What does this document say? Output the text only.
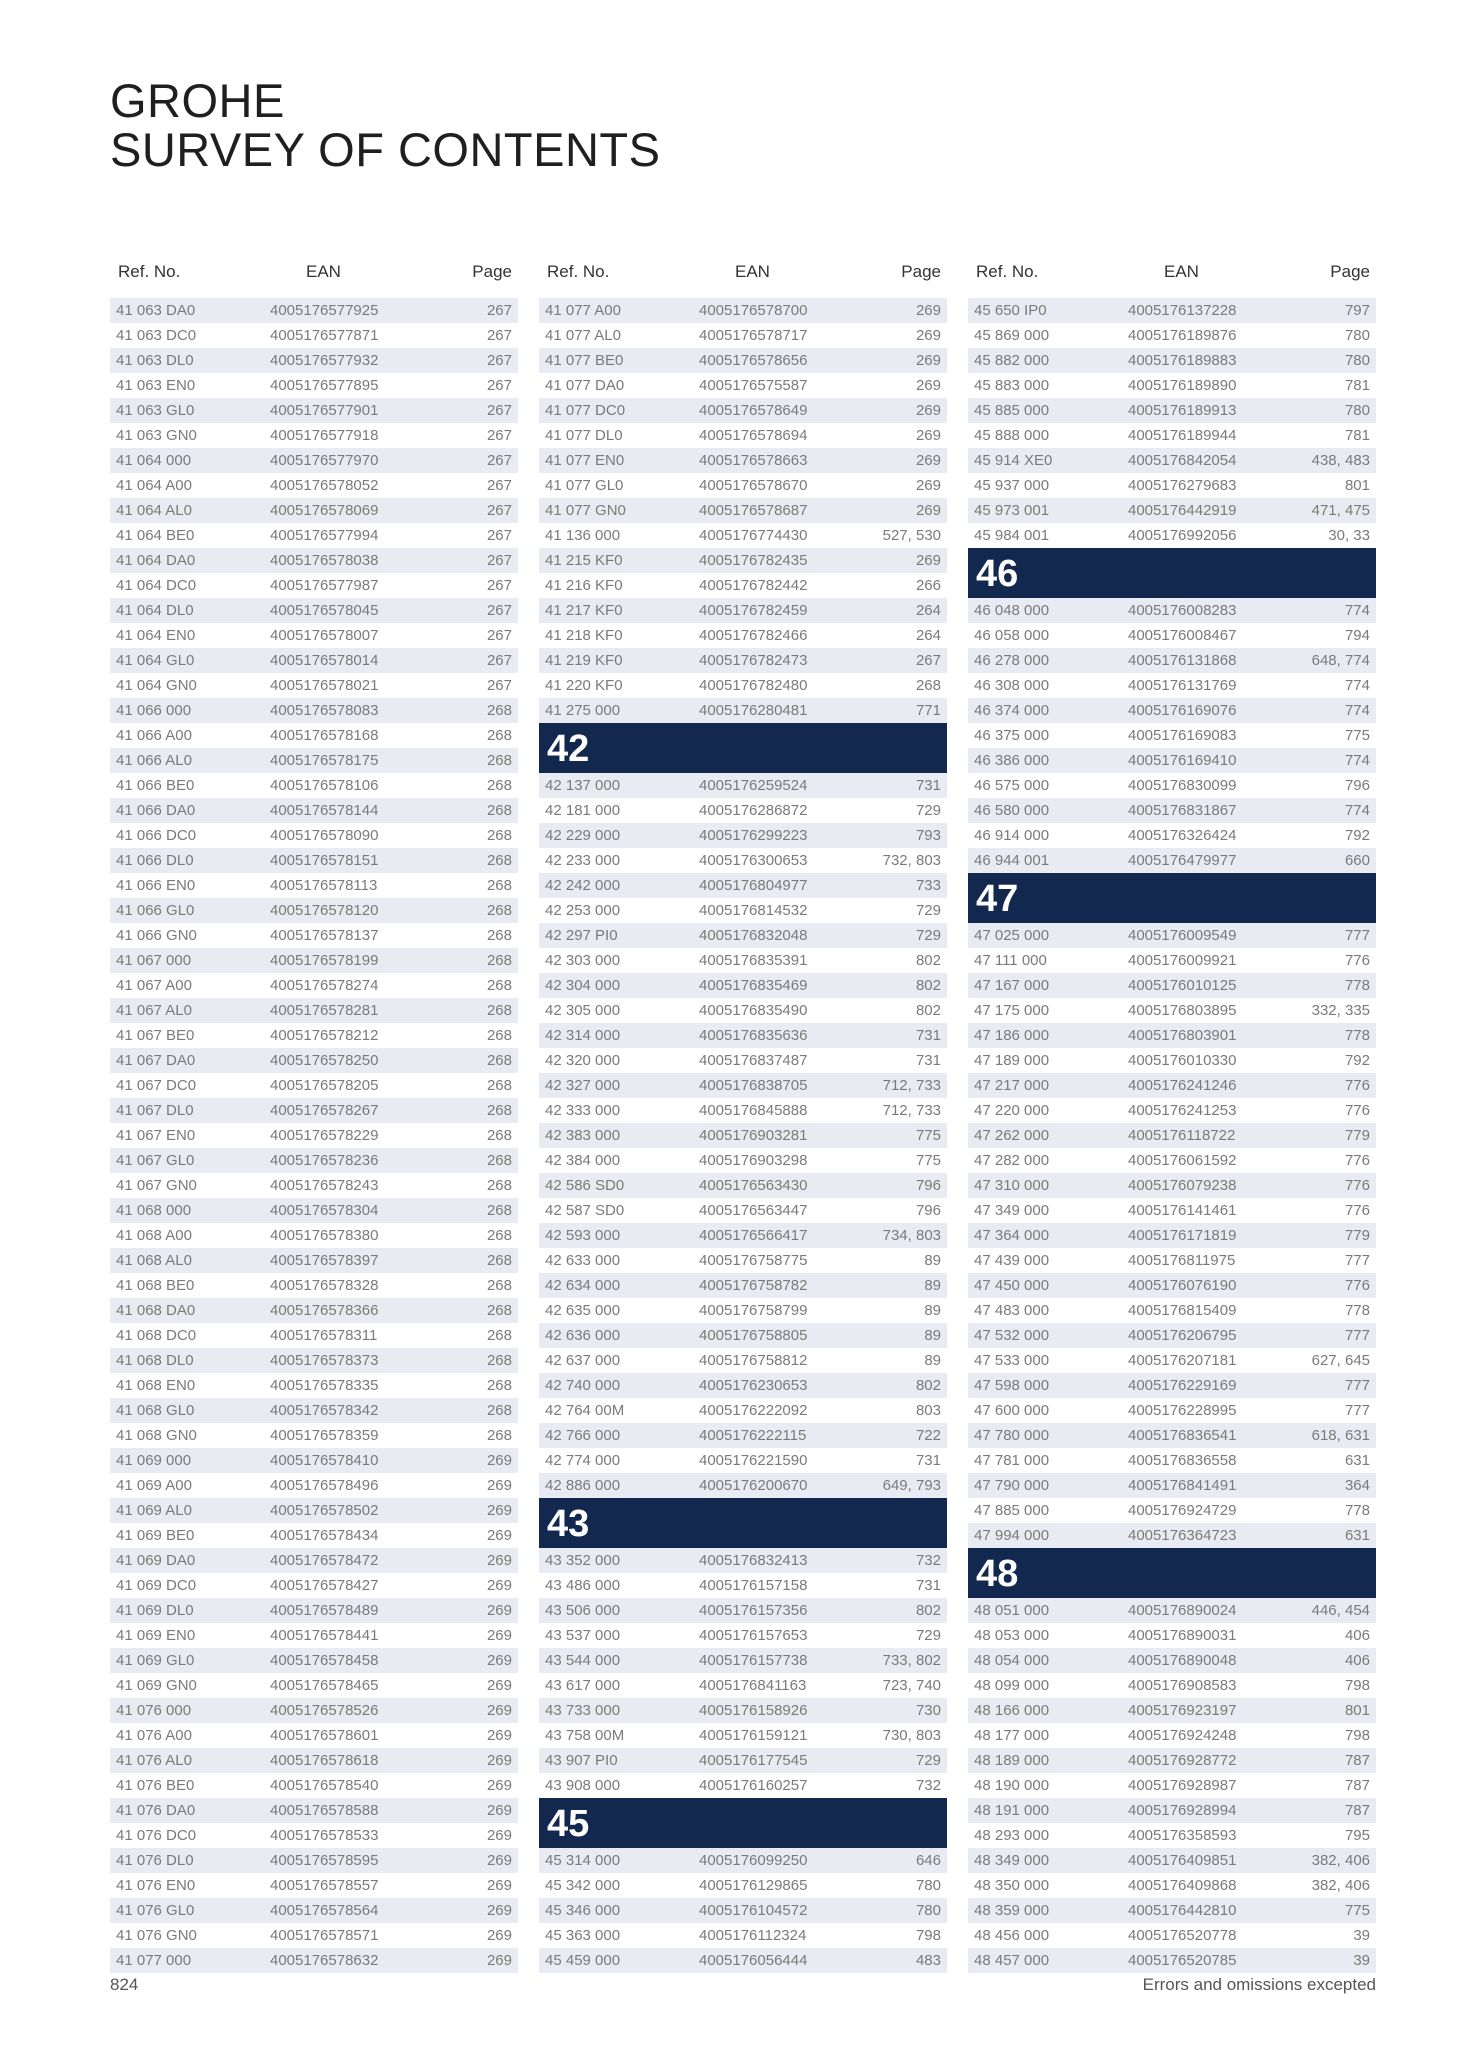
GROHE
SURVEY OF CONTENTS
Ref. No.	EAN	Page
41 063 DA0	4005176577925	267
41 063 DC0	4005176577871	267
41 063 DL0	4005176577932	267
41 063 EN0	4005176577895	267
41 063 GL0	4005176577901	267
41 063 GN0	4005176577918	267
41 064 000	4005176577970	267
41 064 A00	4005176578052	267
41 064 AL0	4005176578069	267
41 064 BE0	4005176577994	267
41 064 DA0	4005176578038	267
41 064 DC0	4005176577987	267
41 064 DL0	4005176578045	267
41 064 EN0	4005176578007	267
41 064 GL0	4005176578014	267
41 064 GN0	4005176578021	267
41 066 000	4005176578083	268
41 066 A00	4005176578168	268
41 066 AL0	4005176578175	268
41 066 BE0	4005176578106	268
41 066 DA0	4005176578144	268
41 066 DC0	4005176578090	268
41 066 DL0	4005176578151	268
41 066 EN0	4005176578113	268
41 066 GL0	4005176578120	268
41 066 GN0	4005176578137	268
41 067 000	4005176578199	268
41 067 A00	4005176578274	268
41 067 AL0	4005176578281	268
41 067 BE0	4005176578212	268
41 067 DA0	4005176578250	268
41 067 DC0	4005176578205	268
41 067 DL0	4005176578267	268
41 067 EN0	4005176578229	268
41 067 GL0	4005176578236	268
41 067 GN0	4005176578243	268
41 068 000	4005176578304	268
41 068 A00	4005176578380	268
41 068 AL0	4005176578397	268
41 068 BE0	4005176578328	268
41 068 DA0	4005176578366	268
41 068 DC0	4005176578311	268
41 068 DL0	4005176578373	268
41 068 EN0	4005176578335	268
41 068 GL0	4005176578342	268
41 068 GN0	4005176578359	268
41 069 000	4005176578410	269
41 069 A00	4005176578496	269
41 069 AL0	4005176578502	269
41 069 BE0	4005176578434	269
41 069 DA0	4005176578472	269
41 069 DC0	4005176578427	269
41 069 DL0	4005176578489	269
41 069 EN0	4005176578441	269
41 069 GL0	4005176578458	269
41 069 GN0	4005176578465	269
41 076 000	4005176578526	269
41 076 A00	4005176578601	269
41 076 AL0	4005176578618	269
41 076 BE0	4005176578540	269
41 076 DA0	4005176578588	269
41 076 DC0	4005176578533	269
41 076 DL0	4005176578595	269
41 076 EN0	4005176578557	269
41 076 GL0	4005176578564	269
41 076 GN0	4005176578571	269
41 077 000	4005176578632	269
Ref. No.	EAN	Page
41 077 A00	4005176578700	269
41 077 AL0	4005176578717	269
41 077 BE0	4005176578656	269
41 077 DA0	4005176575587	269
41 077 DC0	4005176578649	269
41 077 DL0	4005176578694	269
41 077 EN0	4005176578663	269
41 077 GL0	4005176578670	269
41 077 GN0	4005176578687	269
41 136 000	4005176774430	527, 530
41 215 KF0	4005176782435	269
41 216 KF0	4005176782442	266
41 217 KF0	4005176782459	264
41 218 KF0	4005176782466	264
41 219 KF0	4005176782473	267
41 220 KF0	4005176782480	268
41 275 000	4005176280481	771
42
42 137 000	4005176259524	731
42 181 000	4005176286872	729
42 229 000	4005176299223	793
42 233 000	4005176300653	732, 803
42 242 000	4005176804977	733
42 253 000	4005176814532	729
42 297 PI0	4005176832048	729
42 303 000	4005176835391	802
42 304 000	4005176835469	802
42 305 000	4005176835490	802
42 314 000	4005176835636	731
42 320 000	4005176837487	731
42 327 000	4005176838705	712, 733
42 333 000	4005176845888	712, 733
42 383 000	4005176903281	775
42 384 000	4005176903298	775
42 586 SD0	4005176563430	796
42 587 SD0	4005176563447	796
42 593 000	4005176566417	734, 803
42 633 000	4005176758775	89
42 634 000	4005176758782	89
42 635 000	4005176758799	89
42 636 000	4005176758805	89
42 637 000	4005176758812	89
42 740 000	4005176230653	802
42 764 00M	4005176222092	803
42 766 000	4005176222115	722
42 774 000	4005176221590	731
42 886 000	4005176200670	649, 793
43
43 352 000	4005176832413	732
43 486 000	4005176157158	731
43 506 000	4005176157356	802
43 537 000	4005176157653	729
43 544 000	4005176157738	733, 802
43 617 000	4005176841163	723, 740
43 733 000	4005176158926	730
43 758 00M	4005176159121	730, 803
43 907 PI0	4005176177545	729
43 908 000	4005176160257	732
45
45 314 000	4005176099250	646
45 342 000	4005176129865	780
45 346 000	4005176104572	780
45 363 000	4005176112324	798
45 459 000	4005176056444	483
Ref. No.	EAN	Page
45 650 IP0	4005176137228	797
45 869 000	4005176189876	780
45 882 000	4005176189883	780
45 883 000	4005176189890	781
45 885 000	4005176189913	780
45 888 000	4005176189944	781
45 914 XE0	4005176842054	438, 483
45 937 000	4005176279683	801
45 973 001	4005176442919	471, 475
45 984 001	4005176992056	30, 33
46
46 048 000	4005176008283	774
46 058 000	4005176008467	794
46 278 000	4005176131868	648, 774
46 308 000	4005176131769	774
46 374 000	4005176169076	774
46 375 000	4005176169083	775
46 386 000	4005176169410	774
46 575 000	4005176830099	796
46 580 000	4005176831867	774
46 914 000	4005176326424	792
46 944 001	4005176479977	660
47
47 025 000	4005176009549	777
47 111 000	4005176009921	776
47 167 000	4005176010125	778
47 175 000	4005176803895	332, 335
47 186 000	4005176803901	778
47 189 000	4005176010330	792
47 217 000	4005176241246	776
47 220 000	4005176241253	776
47 262 000	4005176118722	779
47 282 000	4005176061592	776
47 310 000	4005176079238	776
47 349 000	4005176141461	776
47 364 000	4005176171819	779
47 439 000	4005176811975	777
47 450 000	4005176076190	776
47 483 000	4005176815409	778
47 532 000	4005176206795	777
47 533 000	4005176207181	627, 645
47 598 000	4005176229169	777
47 600 000	4005176228995	777
47 780 000	4005176836541	618, 631
47 781 000	4005176836558	631
47 790 000	4005176841491	364
47 885 000	4005176924729	778
47 994 000	4005176364723	631
48
48 051 000	4005176890024	446, 454
48 053 000	4005176890031	406
48 054 000	4005176890048	406
48 099 000	4005176908583	798
48 166 000	4005176923197	801
48 177 000	4005176924248	798
48 189 000	4005176928772	787
48 190 000	4005176928987	787
48 191 000	4005176928994	787
48 293 000	4005176358593	795
48 349 000	4005176409851	382, 406
48 350 000	4005176409868	382, 406
48 359 000	4005176442810	775
48 456 000	4005176520778	39
48 457 000	4005176520785	39
824	Errors and omissions excepted
